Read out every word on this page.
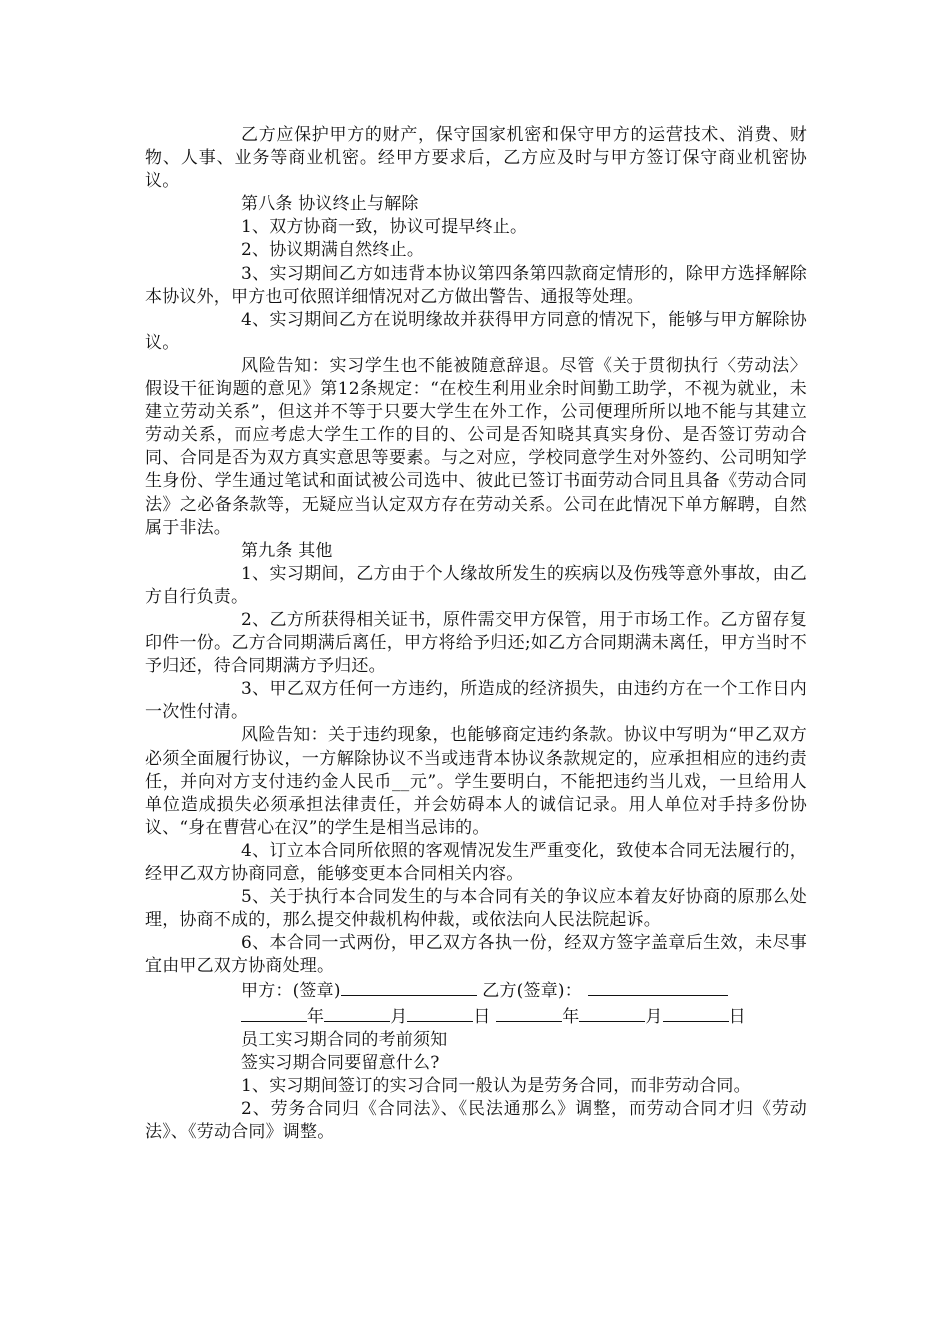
乙方应保护甲方的财产，保守国家机密和保守甲方的运营技术、消费、财物、人事、业务等商业机密。经甲方要求后，乙方应及时与甲方签订保守商业机密协议。

第八条 协议终止与解除

1、双方协商一致，协议可提早终止。

2、协议期满自然终止。

3、实习期间乙方如违背本协议第四条第四款商定情形的，除甲方选择解除本协议外，甲方也可依照详细情况对乙方做出警告、通报等处理。

4、实习期间乙方在说明缘故并获得甲方同意的情况下，能够与甲方解除协议。

风险告知：实习学生也不能被随意辞退。尽管《关于贯彻执行〈劳动法〉假设干征询题的意见》第12条规定：“在校生利用业余时间勤工助学，不视为就业，未建立劳动关系”，但这并不等于只要大学生在外工作，公司便理所所以地不能与其建立劳动关系，而应考虑大学生工作的目的、公司是否知晓其真实身份、是否签订劳动合同、合同是否为双方真实意思等要素。与之对应，学校同意学生对外签约、公司明知学生身份、学生通过笔试和面试被公司选中、彼此已签订书面劳动合同且具备《劳动合同法》之必备条款等，无疑应当认定双方存在劳动关系。公司在此情况下单方解聘，自然属于非法。

第九条 其他

1、实习期间，乙方由于个人缘故所发生的疾病以及伤残等意外事故，由乙方自行负责。

2、乙方所获得相关证书，原件需交甲方保管，用于市场工作。乙方留存复印件一份。乙方合同期满后离任，甲方将给予归还;如乙方合同期满未离任，甲方当时不予归还，待合同期满方予归还。

3、甲乙双方任何一方违约，所造成的经济损失，由违约方在一个工作日内一次性付清。

风险告知：关于违约现象，也能够商定违约条款。协议中写明为“甲乙双方必须全面履行协议，一方解除协议不当或违背本协议条款规定的，应承担相应的违约责任，并向对方支付违约金人民币__元”。学生要明白，不能把违约当儿戏，一旦给用人单位造成损失必须承担法律责任，并会妨碍本人的诚信记录。用人单位对手持多份协议、“身在曹营心在汉”的学生是相当忌讳的。

4、订立本合同所依照的客观情况发生严重变化，致使本合同无法履行的，经甲乙双方协商同意，能够变更本合同相关内容。

5、关于执行本合同发生的与本合同有关的争议应本着友好协商的原那么处理，协商不成的，那么提交仲裁机构仲裁，或依法向人民法院起诉。

6、本合同一式两份，甲乙双方各执一份，经双方签字盖章后生效，未尽事宜由甲乙双方协商处理。

甲方：(签章)	乙方(签章)：

年	月	日	年	月	日

员工实习期合同的考前须知

签实习期合同要留意什么?

1、实习期间签订的实习合同一般认为是劳务合同，而非劳动合同。

2、劳务合同归《合同法》、《民法通那么》调整，而劳动合同才归《劳动法》、《劳动合同》调整。
